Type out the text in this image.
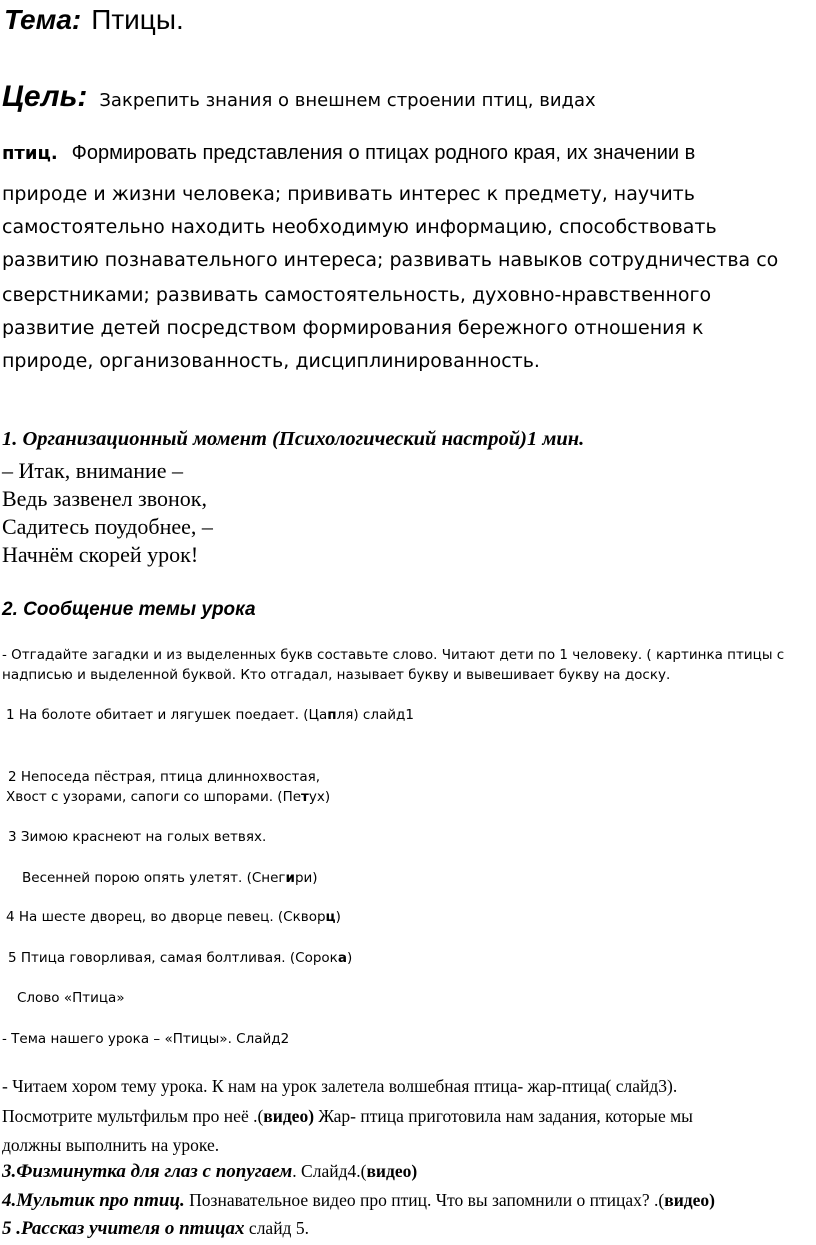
Тема: Птицы.
Цель: Закрепить знания о внешнем строении птиц, видах
птиц. Формировать представления о птицах родного края, их значении в
природе и жизни человека; прививать интерес к предмету, научить
самостоятельно находить необходимую информацию, способствовать
развитию познавательного интереса; развивать навыков сотрудничества со
сверстниками; развивать самостоятельность, духовно-нравственного
развитие детей посредством формирования бережного отношения к
природе, организованность, дисциплинированность.
1. Организационный момент (Психологический настрой)1 мин.
– Итак, внимание –
Ведь зазвенел звонок,
Садитесь поудобнее, –
Начнём скорей урок!
2. Сообщение темы урока
- Отгадайте загадки и из выделенных букв составьте слово. Читают дети по 1 человеку. ( картинка птицы с
надписью и выделенной буквой. Кто отгадал, называет букву и вывешивает букву на доску.
1 На болоте обитает и лягушек поедает. (Цапля) слайд1
2 Непоседа пёстрая, птица длиннохвостая,
Хвост с узорами, сапоги со шпорами. (Петух)
3 Зимою краснеют на голых ветвях.
Весенней порою опять улетят. (Снегири)
4 На шесте дворец, во дворце певец. (Скворц)
5 Птица говорливая, самая болтливая. (Сорока)
Слово «Птица»
- Тема нашего урока – «Птицы». Слайд2
- Читаем хором тему урока. К нам на урок залетела волшебная птица- жар-птица( слайд3).
Посмотрите мультфильм про неё .(видео) Жар- птица приготовила нам задания, которые мы
должны выполнить на уроке.
3.Физминутка для глаз с попугаем. Слайд4.(видео)
4.Мультик про птиц. Познавательное видео про птиц. Что вы запомнили о птицах? .(видео)
5 .Рассказ учителя о птицах слайд 5.
